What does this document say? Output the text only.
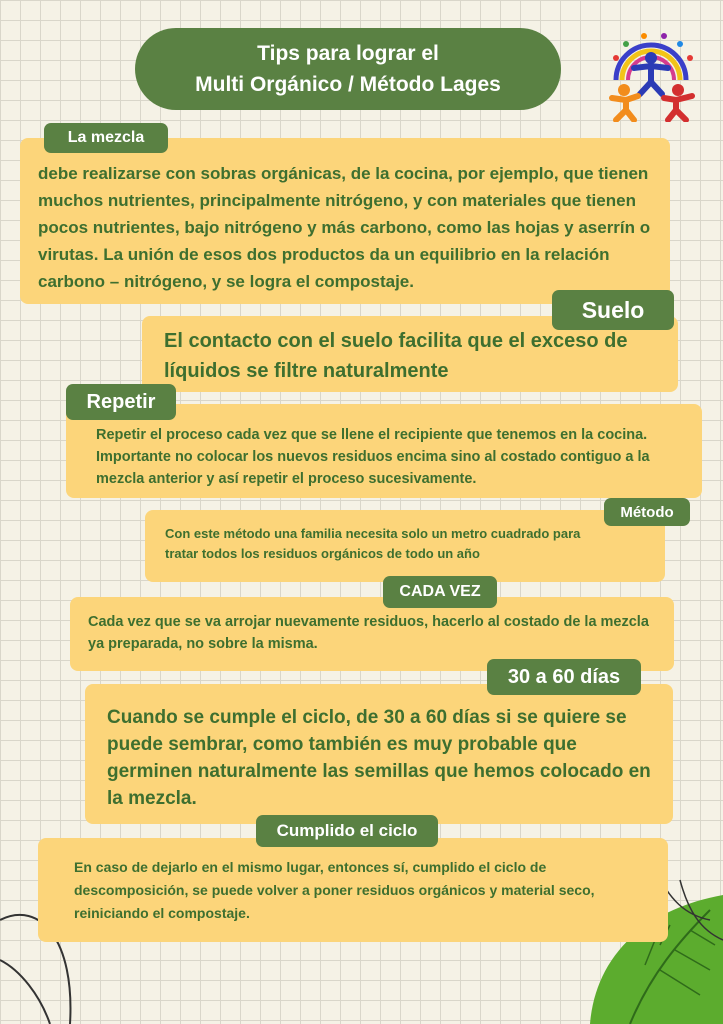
Tips para lograr el
Multi Orgánico / Método Lages

debe realizarse con sobras orgánicas, de la cocina, por ejemplo, que tienen muchos nutrientes, principalmente nitrógeno, y con materiales que tienen pocos nutrientes, bajo nitrógeno y más carbono, como las hojas y aserrín o virutas. La unión de esos dos productos da un equilibrio en la relación carbono – nitrógeno, y se logra el compostaje.

La mezcla

El contacto con el suelo facilita que el exceso de líquidos se filtre naturalmente

Suelo

Repetir el proceso cada vez que se llene el recipiente que tenemos en la cocina. Importante no colocar los nuevos residuos encima sino al costado contiguo a la mezcla anterior y así repetir el proceso sucesivamente.

Repetir

Con este método una familia necesita solo un metro cuadrado para tratar todos los residuos orgánicos de todo un año

Método

Cada vez que se va arrojar nuevamente residuos, hacerlo al costado de la mezcla ya preparada, no sobre la misma.

CADA VEZ

Cuando se cumple el ciclo, de 30 a 60 días si se quiere se puede sembrar, como también es muy probable que germinen naturalmente las semillas que hemos colocado en la mezcla.

30 a 60 días

En caso de dejarlo en el mismo lugar, entonces sí, cumplido el ciclo de descomposición, se puede volver a poner residuos orgánicos y material seco, reiniciando el compostaje.

Cumplido el ciclo
